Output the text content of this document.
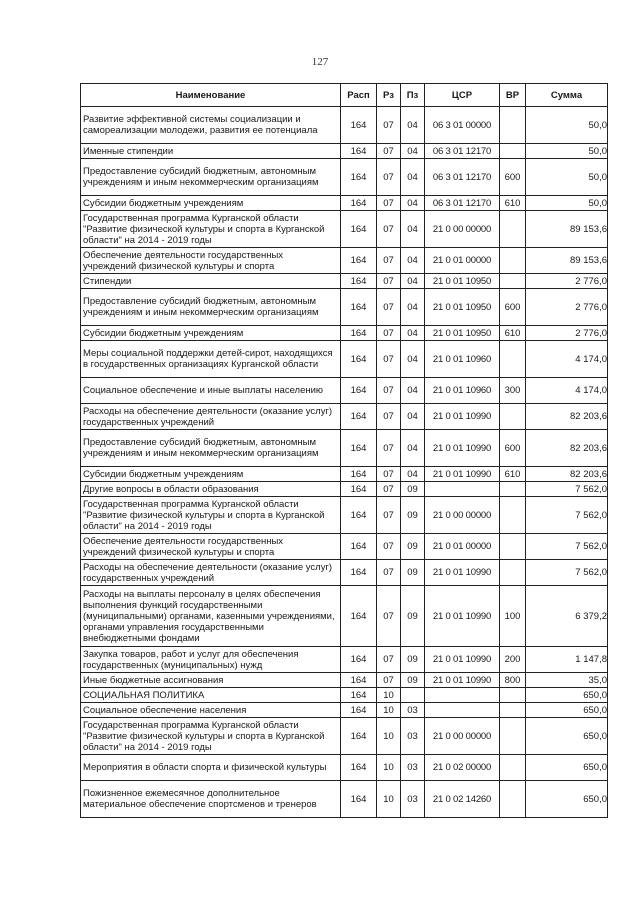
127
Наименование	Расп	Рз	Пз	ЦСР	ВР	Сумма
Развитие эффективной системы социализации и самореализации молодежи, развития ее потенциала	164	07	04	06 3 01 00000		50,0
Именные стипендии	164	07	04	06 3 01 12170		50,0
Предоставление субсидий бюджетным, автономным учреждениям и иным некоммерческим организациям	164	07	04	06 3 01 12170	600	50,0
Субсидии бюджетным учреждениям	164	07	04	06 3 01 12170	610	50,0
Государственная программа Курганской области "Развитие физической культуры и спорта в Курганской области" на 2014 - 2019 годы	164	07	04	21 0 00 00000		89 153,6
Обеспечение деятельности государственных учреждений физической культуры и спорта	164	07	04	21 0 01 00000		89 153,6
Стипендии	164	07	04	21 0 01 10950		2 776,0
Предоставление субсидий бюджетным, автономным учреждениям и иным некоммерческим организациям	164	07	04	21 0 01 10950	600	2 776,0
Субсидии бюджетным учреждениям	164	07	04	21 0 01 10950	610	2 776,0
Меры социальной поддержки детей-сирот, находящихся в государственных организациях Курганской области	164	07	04	21 0 01 10960		4 174,0
Социальное обеспечение и иные выплаты населению	164	07	04	21 0 01 10960	300	4 174,0
Расходы на обеспечение деятельности (оказание услуг) государственных учреждений	164	07	04	21 0 01 10990		82 203,6
Предоставление субсидий бюджетным, автономным учреждениям и иным некоммерческим организациям	164	07	04	21 0 01 10990	600	82 203,6
Субсидии бюджетным учреждениям	164	07	04	21 0 01 10990	610	82 203,6
Другие вопросы в области образования	164	07	09			7 562,0
Государственная программа Курганской области "Развитие физической культуры и спорта в Курганской области" на 2014 - 2019 годы	164	07	09	21 0 00 00000		7 562,0
Обеспечение деятельности государственных учреждений физической культуры и спорта	164	07	09	21 0 01 00000		7 562,0
Расходы на обеспечение деятельности (оказание услуг) государственных учреждений	164	07	09	21 0 01 10990		7 562,0
Расходы на выплаты персоналу в целях обеспечения выполнения функций государственными (муниципальными) органами, казенными учреждениями, органами управления государственными внебюджетными фондами	164	07	09	21 0 01 10990	100	6 379,2
Закупка товаров, работ и услуг для обеспечения государственных (муниципальных) нужд	164	07	09	21 0 01 10990	200	1 147,8
Иные бюджетные ассигнования	164	07	09	21 0 01 10990	800	35,0
СОЦИАЛЬНАЯ ПОЛИТИКА	164	10				650,0
Социальное обеспечение населения	164	10	03			650,0
Государственная программа Курганской области "Развитие физической культуры и спорта в Курганской области" на 2014 - 2019 годы	164	10	03	21 0 00 00000		650,0
Мероприятия в области спорта и физической культуры	164	10	03	21 0 02 00000		650,0
Пожизненное ежемесячное дополнительное материальное обеспечение спортсменов и тренеров	164	10	03	21 0 02 14260		650,0
